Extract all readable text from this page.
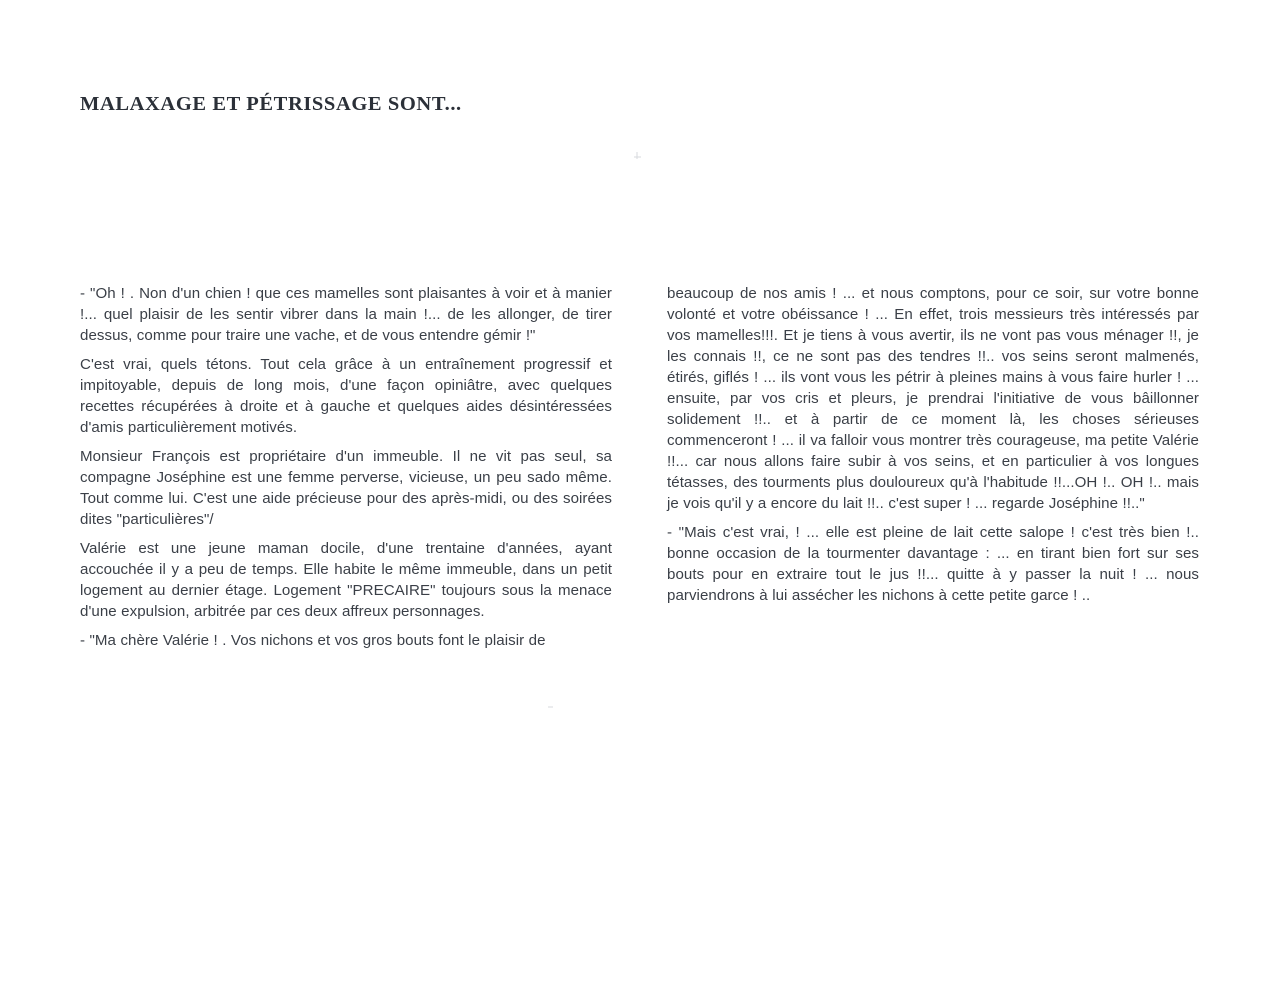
MALAXAGE ET PÉTRISSAGE SONT...

- "Oh ! . Non d'un chien ! que ces mamelles sont plaisantes à voir et à manier !... quel plaisir de les sentir vibrer dans la main !... de les allonger, de tirer dessus, comme pour traire une vache, et de vous entendre gémir !"

C'est vrai, quels tétons. Tout cela grâce à un entraînement progressif et impitoyable, depuis de long mois, d'une façon opiniâtre, avec quelques recettes récupérées à droite et à gauche et quelques aides désintéressées d'amis particulièrement motivés.

Monsieur François est propriétaire d'un immeuble. Il ne vit pas seul, sa compagne Joséphine est une femme perverse, vicieuse, un peu sado même. Tout comme lui. C'est une aide précieuse pour des après-midi, ou des soirées dites "particulières"/

Valérie est une jeune maman docile, d'une trentaine d'années, ayant accouchée il y a peu de temps. Elle habite le même immeuble, dans un petit logement au dernier étage. Logement "PRECAIRE" toujours sous la menace d'une expulsion, arbitrée par ces deux affreux personnages.

- "Ma chère Valérie ! . Vos nichons et vos gros bouts font le plaisir de

beaucoup de nos amis ! ... et nous comptons, pour ce soir, sur votre bonne volonté et votre obéissance ! ... En effet, trois messieurs très intéressés par vos mamelles!!!. Et je tiens à vous avertir, ils ne vont pas vous ménager !!, je les connais !!, ce ne sont pas des tendres !!.. vos seins seront malmenés, étirés, giflés ! ... ils vont vous les pétrir à pleines mains à vous faire hurler ! ... ensuite, par vos cris et pleurs, je prendrai l'initiative de vous bâillonner solidement !!.. et à partir de ce moment là, les choses sérieuses commenceront ! ... il va falloir vous montrer très courageuse, ma petite Valérie !!... car nous allons faire subir à vos seins, et en particulier à vos longues tétasses, des tourments plus douloureux qu'à l'habitude !!...OH !.. OH !.. mais je vois qu'il y a encore du lait !!.. c'est super ! ... regarde Joséphine !!.."

- "Mais c'est vrai, ! ... elle est pleine de lait cette salope ! c'est très bien !.. bonne occasion de la tourmenter davantage : ... en tirant bien fort sur ses bouts pour en extraire tout le jus !!... quitte à y passer la nuit ! ... nous parviendrons à lui assécher les nichons à cette petite garce ! ..
